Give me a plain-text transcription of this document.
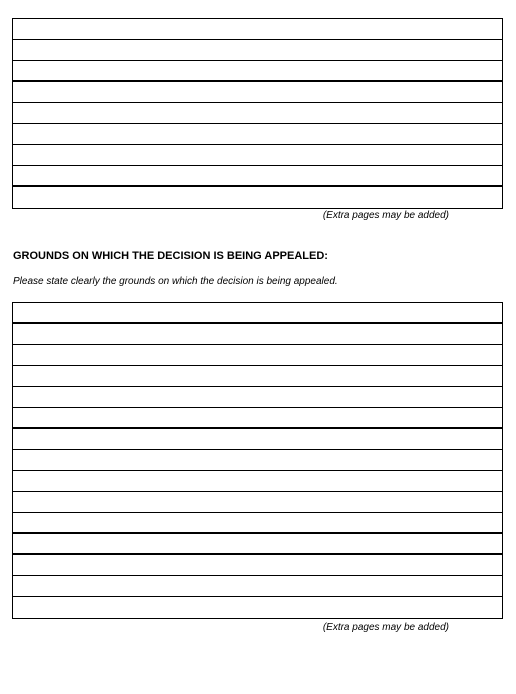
(Extra pages may be added)
GROUNDS ON WHICH THE DECISION IS BEING APPEALED:
Please state clearly the grounds on which the decision is being appealed.
(Extra pages may be added)
